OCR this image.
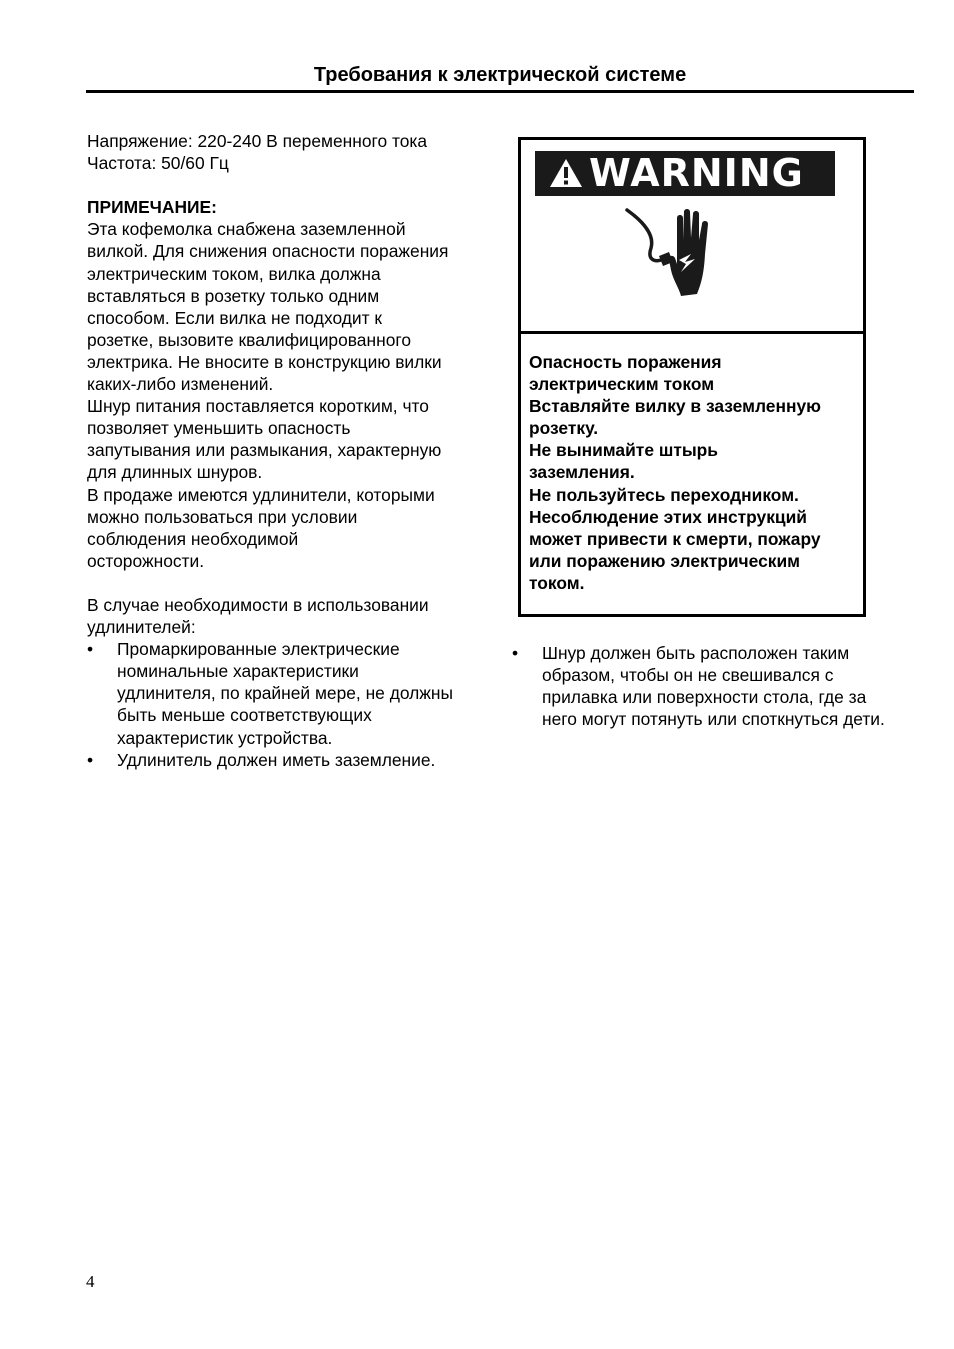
Требования к электрической системе
Напряжение: 220-240 В переменного тока
Частота: 50/60 Гц
ПРИМЕЧАНИЕ:
Эта кофемолка снабжена заземленной
вилкой. Для снижения опасности поражения
электрическим током, вилка должна
вставляться в розетку только одним
способом. Если вилка не подходит к
розетке, вызовите квалифицированного
электрика. Не вносите в конструкцию вилки
каких-либо изменений.
Шнур питания поставляется коротким, что
позволяет уменьшить опасность
запутывания или размыкания, характерную
для длинных шнуров.
В продаже имеются удлинители, которыми
можно пользоваться при условии
соблюдения необходимой
осторожности.
В случае необходимости в использовании
удлинителей:
• Промаркированные электрические
номинальные характеристики
удлинителя, по крайней мере, не должны
быть меньше соответствующих
характеристик устройства.
• Удлинитель должен иметь заземление.
WARNING
Опасность поражения
электрическим током
Вставляйте вилку в заземленную
розетку.
Не вынимайте штырь
заземления.
Не пользуйтесь переходником.
Несоблюдение этих инструкций
может привести к смерти, пожару
или поражению электрическим
током.
• Шнур должен быть расположен таким
образом, чтобы он не свешивался с
прилавка или поверхности стола, где за
него могут потянуть или споткнуться дети.
4
